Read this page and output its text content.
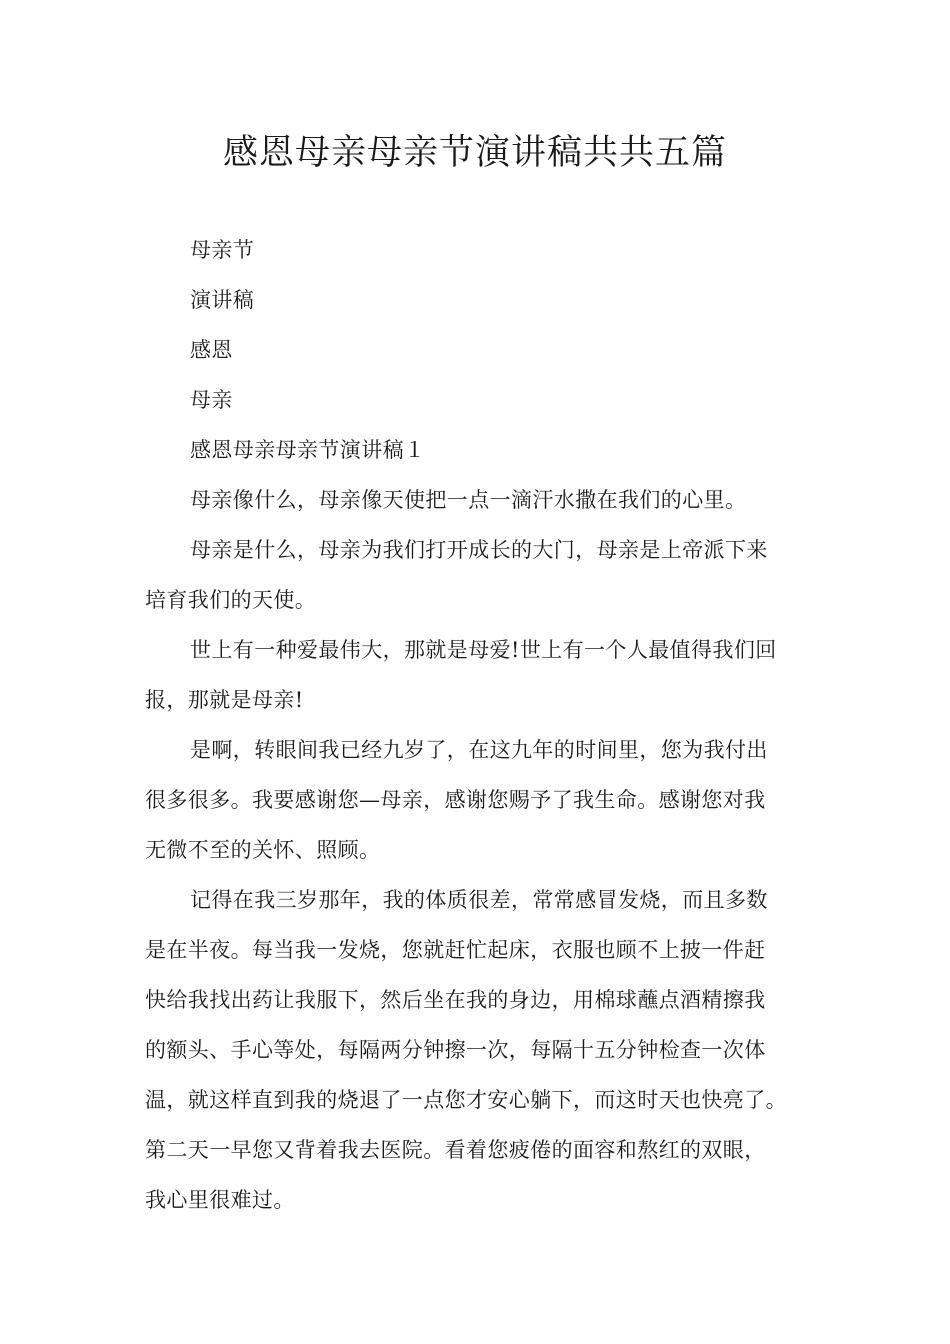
感恩母亲母亲节演讲稿共共五篇
母亲节
演讲稿
感恩
母亲
感恩母亲母亲节演讲稿１
母亲像什么，母亲像天使把一点一滴汗水撒在我们的心里。
母亲是什么，母亲为我们打开成长的大门，母亲是上帝派下来
培育我们的天使。
世上有一种爱最伟大，那就是母爱!世上有一个人最值得我们回
报，那就是母亲!
是啊，转眼间我已经九岁了，在这九年的时间里，您为我付出
很多很多。我要感谢您—母亲，感谢您赐予了我生命。感谢您对我
无微不至的关怀、照顾。
记得在我三岁那年，我的体质很差，常常感冒发烧，而且多数
是在半夜。每当我一发烧，您就赶忙起床，衣服也顾不上披一件赶
快给我找出药让我服下，然后坐在我的身边，用棉球蘸点酒精擦我
的额头、手心等处，每隔两分钟擦一次，每隔十五分钟检查一次体
温，就这样直到我的烧退了一点您才安心躺下，而这时天也快亮了。
第二天一早您又背着我去医院。看着您疲倦的面容和熬红的双眼，
我心里很难过。
